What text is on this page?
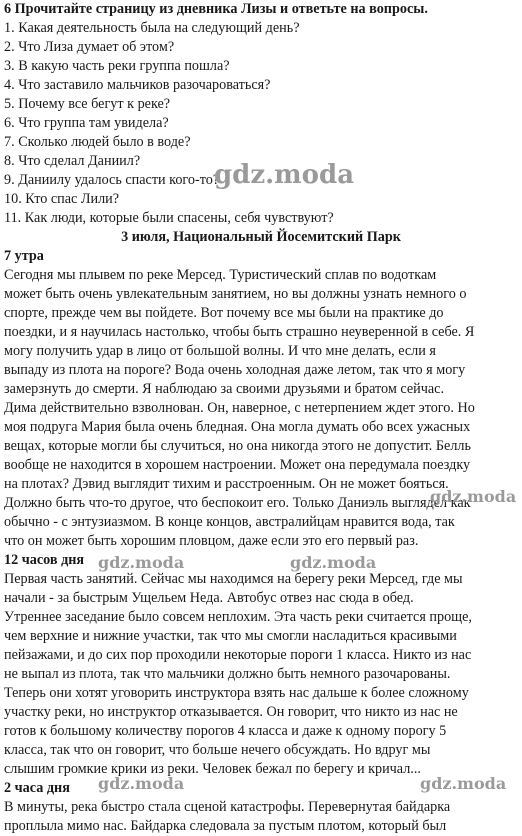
6 Прочитайте страницу из дневника Лизы и ответьте на вопросы.
1. Какая деятельность была на следующий день?
2. Что Лиза думает об этом?
3. В какую часть реки группа пошла?
4. Что заставило мальчиков разочароваться?
5. Почему все бегут к реке?
6. Что группа там увидела?
7. Сколько людей было в воде?
8. Что сделал Даниил?
9. Даниилу удалось спасти кого-то?
10. Кто спас Лили?
11. Как люди, которые были спасены, себя чувствуют?
3 июля, Национальный Йосемитский Парк
7 утра
Сегодня мы плывем по реке Мерсед. Туристический сплав по водоткам
может быть очень увлекательным занятием, но вы должны узнать немного о
спорте, прежде чем вы пойдете. Вот почему все мы были на практике до
поездки, и я научилась настолько, чтобы быть страшно неуверенной в себе. Я
могу получить удар в лицо от большой волны. И что мне делать, если я
выпаду из плота на пороге? Вода очень холодная даже летом, так что я могу
замерзнуть до смерти. Я наблюдаю за своими друзьями и братом сейчас.
Дима действительно взволнован. Он, наверное, с нетерпением ждет этого. Но
моя подруга Мария была очень бледная. Она могла думать обо всех ужасных
вещах, которые могли бы случиться, но она никогда этого не допустит. Белль
вообще не находится в хорошем настроении. Может она передумала поездку
на плотах? Дэвид выглядит тихим и расстроенным. Он не может бояться.
Должно быть что-то другое, что беспокоит его. Только Даниэль выглядел как
обычно - с энтузиазмом. В конце концов, австралийцам нравится вода, так
что он может быть хорошим пловцом, даже если это его первый раз.
12 часов дня
Первая часть занятий. Сейчас мы находимся на берегу реки Мерсед, где мы
начали - за быстрым Ущельем Неда. Автобус отвез нас сюда в обед.
Утреннее заседание было совсем неплохим. Эта часть реки считается проще,
чем верхние и нижние участки, так что мы смогли насладиться красивыми
пейзажами, и до сих пор проходили некоторые пороги 1 класса. Никто из нас
не выпал из плота, так что мальчики должно быть немного разочарованы.
Теперь они хотят уговорить инструктора взять нас дальше к более сложному
участку реки, но инструктор отказывается. Он говорит, что никто из нас не
готов к большому количеству порогов 4 класса и даже к одному порогу 5
класса, так что он говорит, что больше нечего обсуждать. Но вдруг мы
слышим громкие крики из реки. Человек бежал по берегу и кричал...
2 часа дня
В минуты, река быстро стала сценой катастрофы. Перевернутая байдарка
проплыла мимо нас. Байдарка следовала за пустым плотом, который был
gdz.moda
gdz.moda	gdz.moda
gdz.moda
gdz.moda	gdz.moda
